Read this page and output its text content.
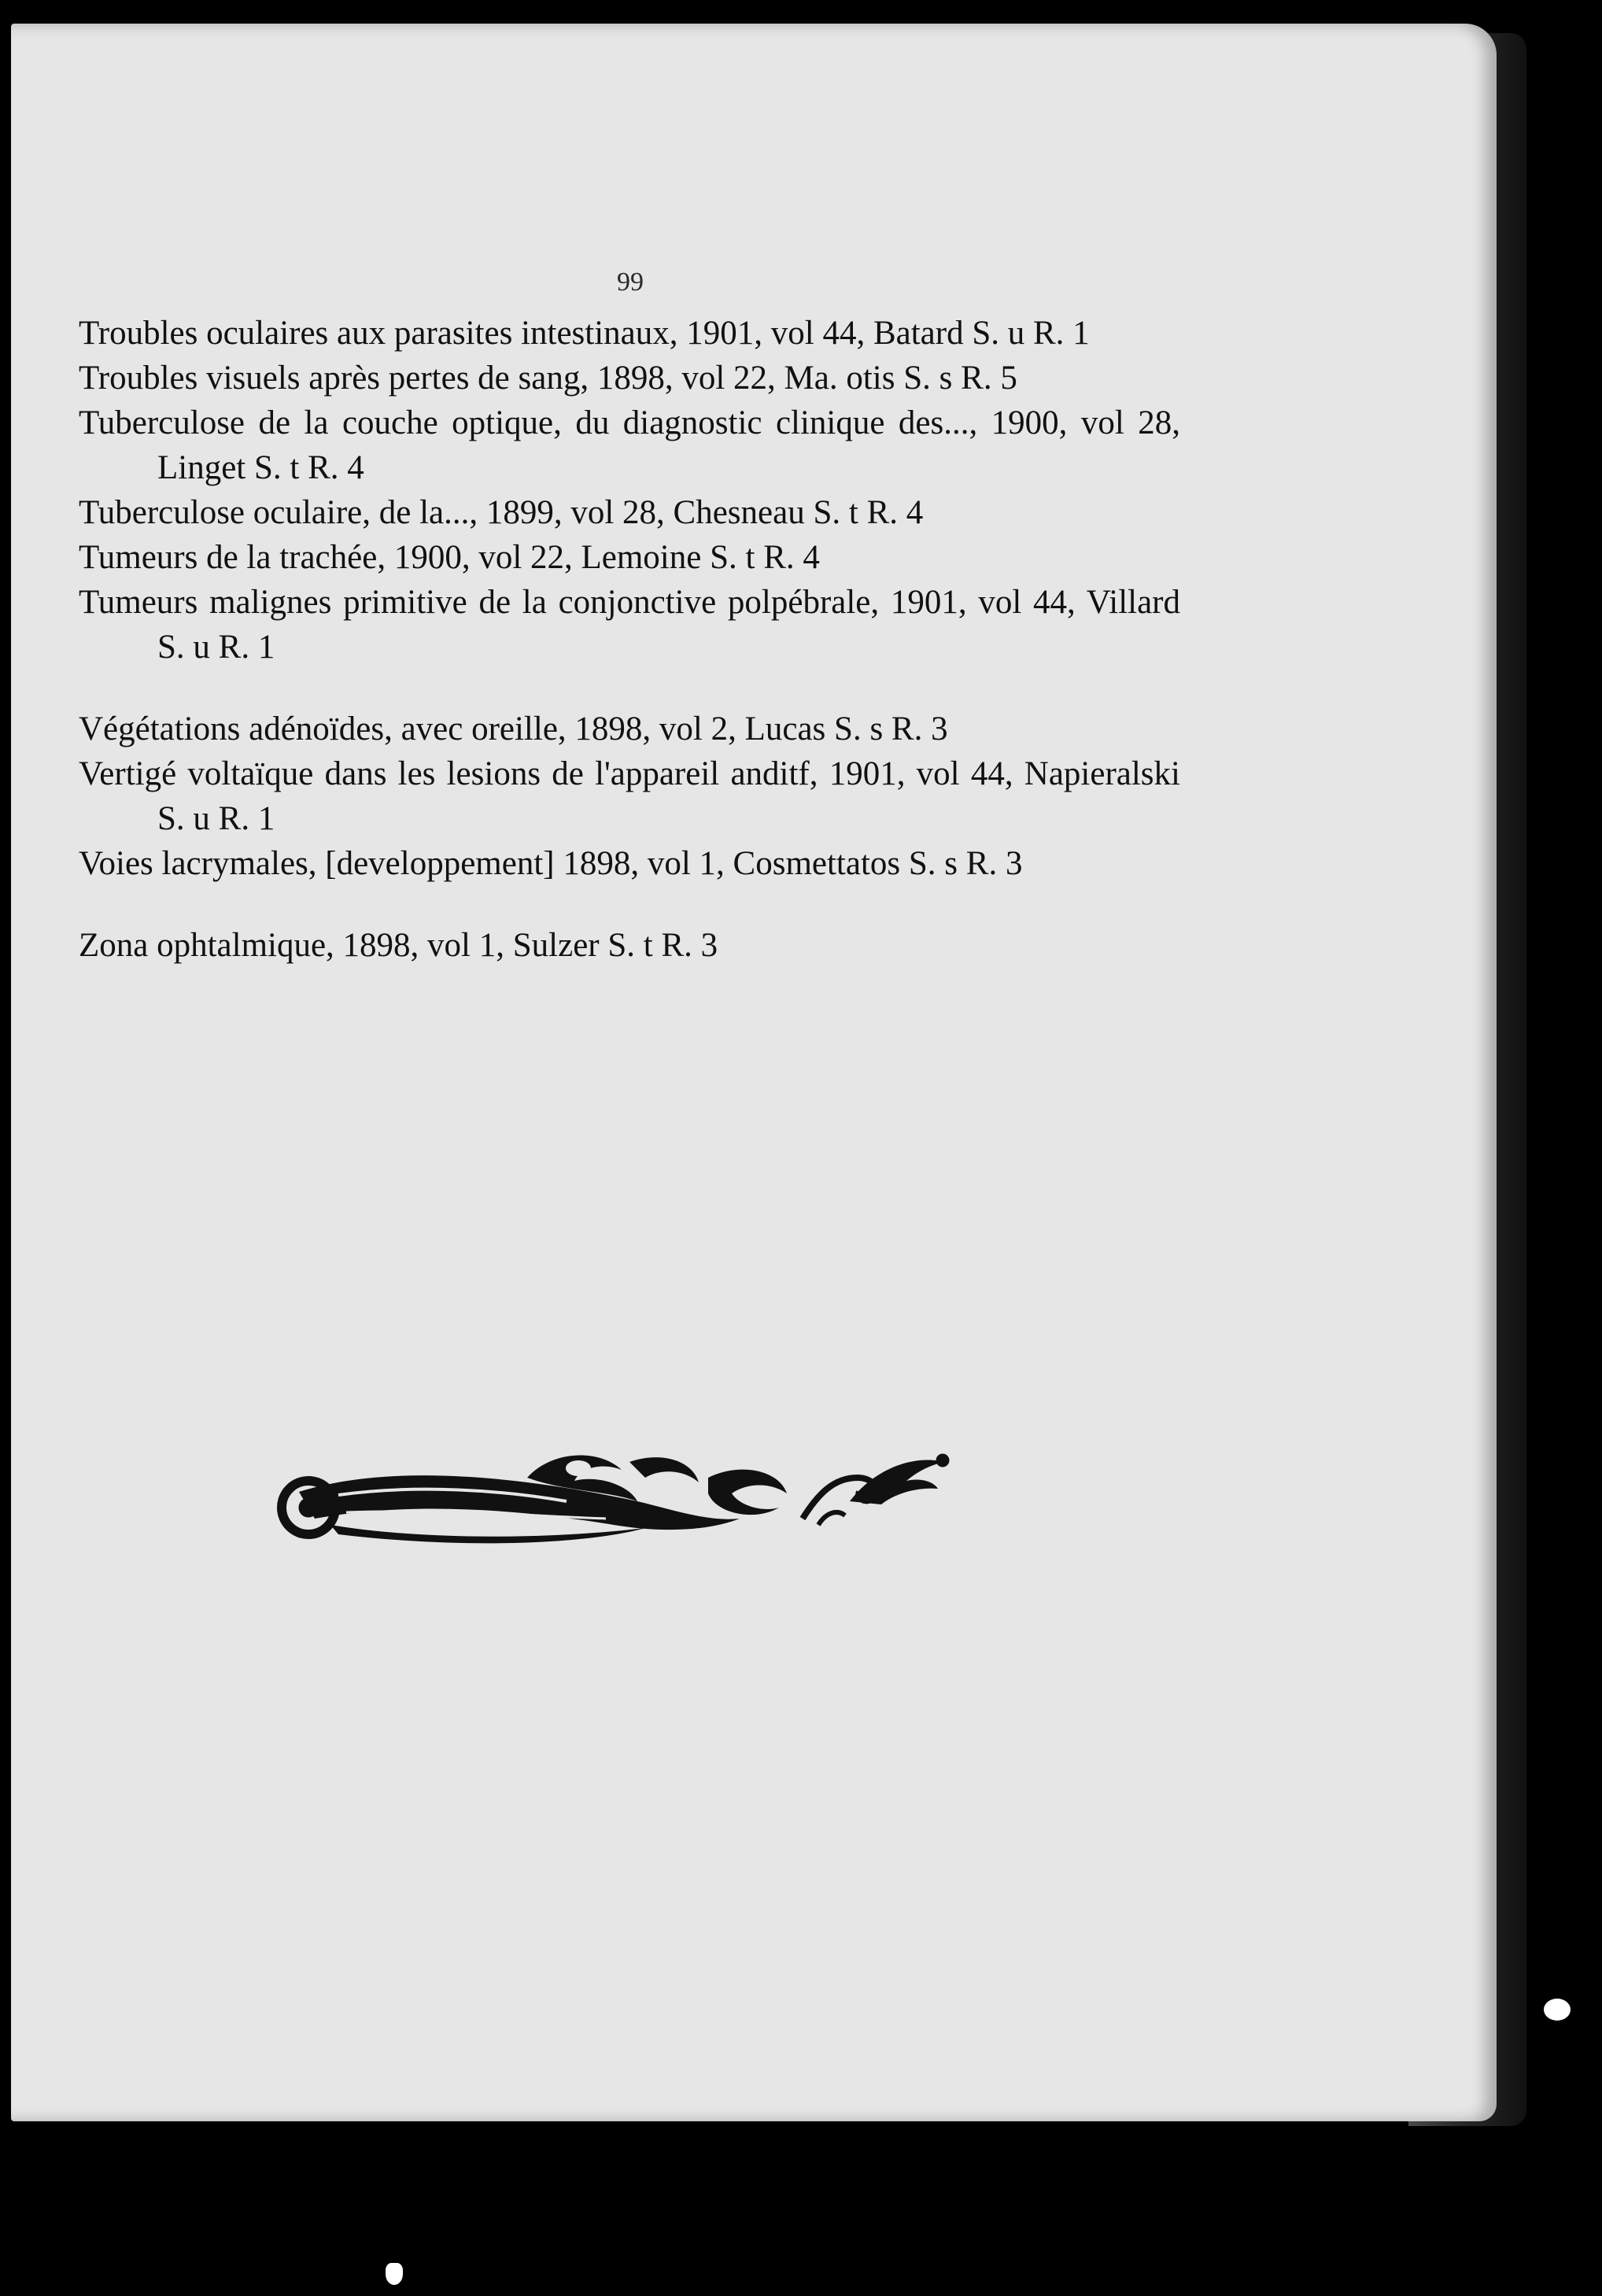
99

Troubles oculaires aux parasites intestinaux, 1901, vol 44, Batard S. u R. 1

Troubles visuels après pertes de sang, 1898, vol 22, Ma. otis S. s R. 5

Tuberculose de la couche optique, du diagnostic clinique des..., 1900, vol 28, Linget S. t R. 4

Tuberculose oculaire, de la..., 1899, vol 28, Chesneau S. t R. 4

Tumeurs de la trachée, 1900, vol 22, Lemoine S. t R. 4

Tumeurs malignes primitive de la conjonctive polpébrale, 1901, vol 44, Villard S. u R. 1

Végétations adénoïdes, avec oreille, 1898, vol 2, Lucas S. s R. 3

Vertigé voltaïque dans les lesions de l'appareil anditf, 1901, vol 44, Napieralski S. u R. 1

Voies lacrymales, [developpement] 1898, vol 1, Cosmettatos S. s R. 3

Zona ophtalmique, 1898, vol 1, Sulzer S. t R. 3
